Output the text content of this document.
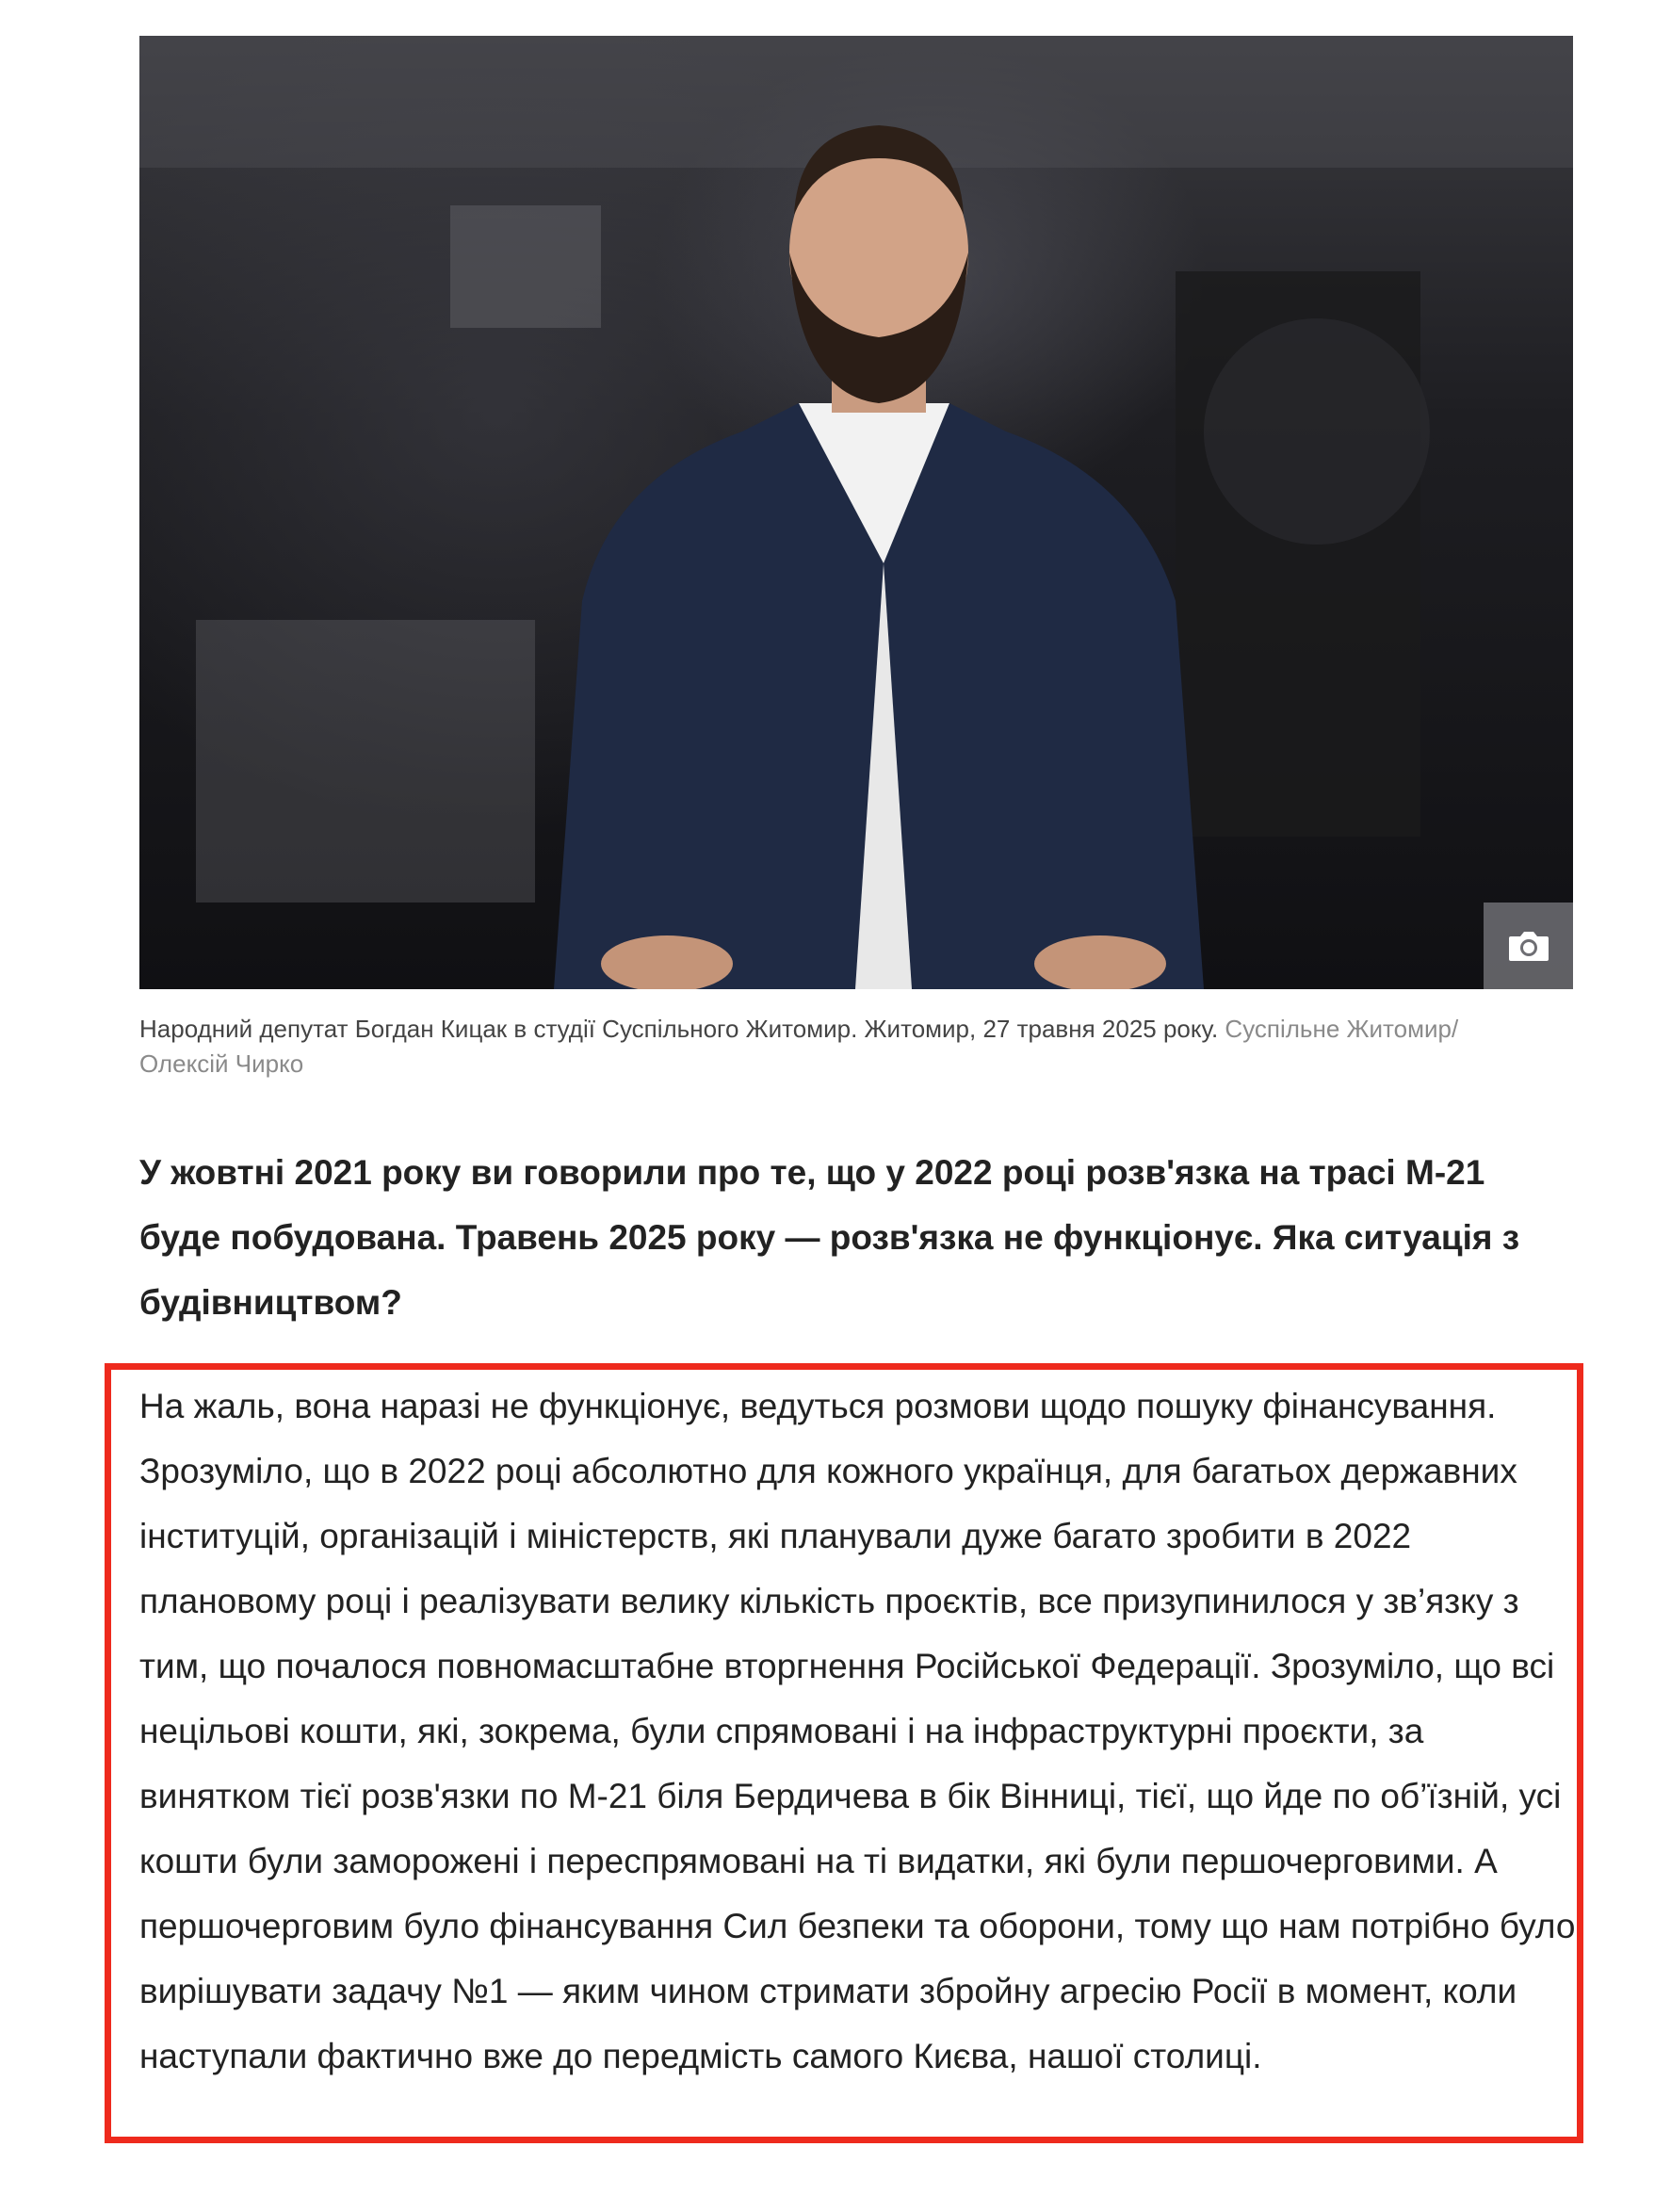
Народний депутат Богдан Кицак в студії Суспільного Житомир. Житомир, 27 травня 2025 року. Суспільне Житомир/Олексій Чирко

У жовтні 2021 року ви говорили про те, що у 2022 році розв'язка на трасі М-21 буде побудована. Травень 2025 року — розв'язка не функціонує. Яка ситуація з будівництвом?

На жаль, вона наразі не функціонує, ведуться розмови щодо пошуку фінансування. Зрозуміло, що в 2022 році абсолютно для кожного українця, для багатьох державних інституцій, організацій і міністерств, які планували дуже багато зробити в 2022 плановому році і реалізувати велику кількість проєктів, все призупинилося у зв’язку з тим, що почалося повномасштабне вторгнення Російської Федерації. Зрозуміло, що всі нецільові кошти, які, зокрема, були спрямовані і на інфраструктурні проєкти, за винятком тієї розв'язки по М-21 біля Бердичева в бік Вінниці, тієї, що йде по об’їзній, усі кошти були заморожені і переспрямовані на ті видатки, які були першочерговими. А першочерговим було фінансування Сил безпеки та оборони, тому що нам потрібно було вирішувати задачу №1 — яким чином стримати збройну агресію Росії в момент, коли наступали фактично вже до передмість самого Києва, нашої столиці.
